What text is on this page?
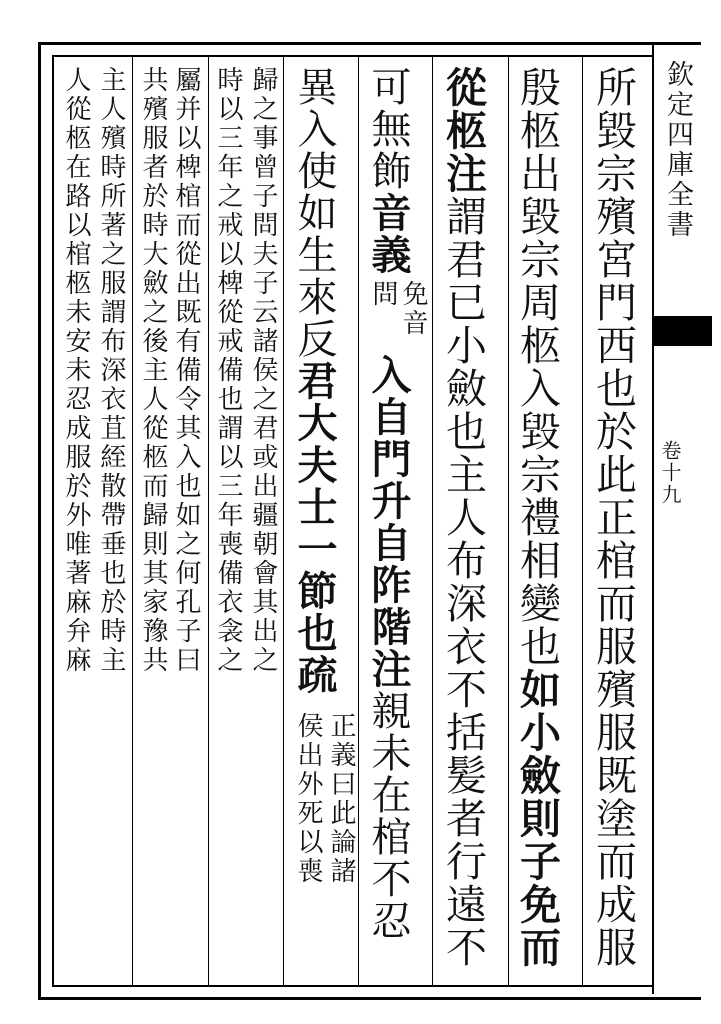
欽定四庫全書
卷十九
所毀宗殯宮門西也於此正棺而服殯服既塗而成服
殷柩出毀宗周柩入毀宗禮相變也如小斂則子免而
從柩注謂君已小斂也主人布深衣不括髪者行遠不
可無飾音義
免音
問
入自門升自阼階注親未在棺不忍
異入使如生來反君大夫士一節也疏
正義曰此論諸
侯出外死以喪
歸之事曾子問夫子云諸侯之君或出疆朝會其出之
時以三年之戒以椑從戒備也謂以三年喪備衣衾之
屬并以椑棺而從出既有備令其入也如之何孔子曰
共殯服者於時大斂之後主人從柩而歸則其家豫共
主人殯時所著之服謂布深衣苴絰散帶垂也於時主
人從柩在路以棺柩未安未忍成服於外唯著麻弁麻
